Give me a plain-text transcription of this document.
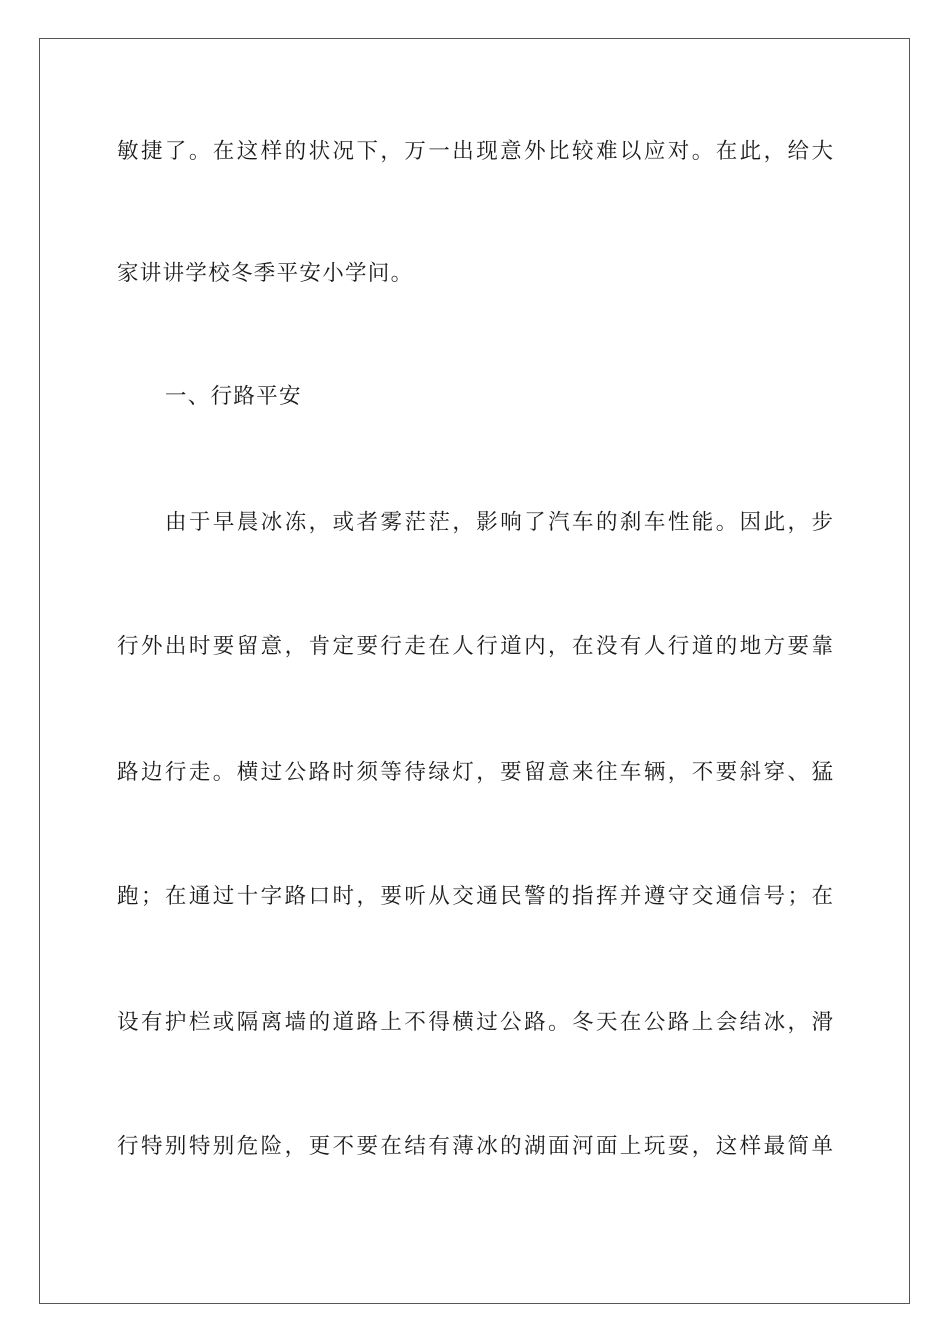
敏捷了。在这样的状况下，万一出现意外比较难以应对。在此，给大
家讲讲学校冬季平安小学问。
一、行路平安
由于早晨冰冻，或者雾茫茫，影响了汽车的刹车性能。因此，步
行外出时要留意，肯定要行走在人行道内，在没有人行道的地方要靠
路边行走。横过公路时须等待绿灯，要留意来往车辆，不要斜穿、猛
跑；在通过十字路口时，要听从交通民警的指挥并遵守交通信号；在
设有护栏或隔离墙的道路上不得横过公路。冬天在公路上会结冰，滑
行特别特别危险，更不要在结有薄冰的湖面河面上玩耍，这样最简单
